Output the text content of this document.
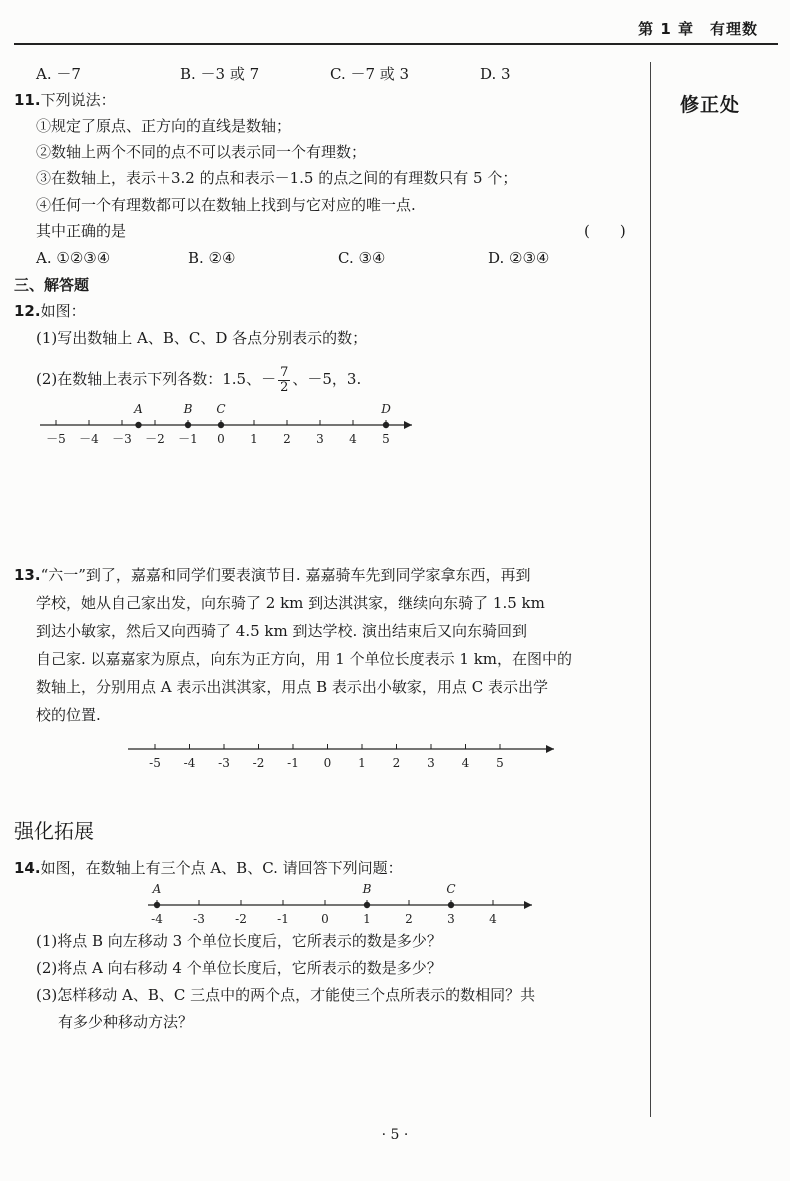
第 1 章　有理数
修正处
A. －7	B. －3 或 7	C. －7 或 3	D. 3
11.下列说法：
①规定了原点、正方向的直线是数轴；
②数轴上两个不同的点不可以表示同一个有理数；
③在数轴上，表示＋3.2 的点和表示－1.5 的点之间的有理数只有 5 个；
④任何一个有理数都可以在数轴上找到与它对应的唯一点.
其中正确的是	(　　)
A. ①②③④	B. ②④	C. ③④	D. ②③④
三、解答题
12.如图：
(1)写出数轴上 A、B、C、D 各点分别表示的数；
(2)在数轴上表示下列各数：1.5、－ $\frac{7}{2}$ 、－5，3.
－5 －4 －3 －2 －1 0 1 2 3 4 5
A	B C	D
13.“六一”到了，嘉嘉和同学们要表演节目. 嘉嘉骑车先到同学家拿东西，再到
学校，她从自己家出发，向东骑了 2 km 到达淇淇家，继续向东骑了 1.5 km
到达小敏家，然后又向西骑了 4.5 km 到达学校. 演出结束后又向东骑回到
自己家. 以嘉嘉家为原点，向东为正方向，用 1 个单位长度表示 1 km，在图中的
数轴上，分别用点 A 表示出淇淇家，用点 B 表示出小敏家，用点 C 表示出学
校的位置.
-5 -4 -3 -2 -1 0 1 2 3 4 5
强化拓展
14.如图，在数轴上有三个点 A、B、C. 请回答下列问题：
-4	-3	-2	-1	0	1	2	3	4
A	B	C
(1)将点 B 向左移动 3 个单位长度后，它所表示的数是多少？
(2)将点 A 向右移动 4 个单位长度后，它所表示的数是多少？
(3)怎样移动 A、B、C 三点中的两个点，才能使三个点所表示的数相同？共
有多少种移动方法？
· 5 ·
